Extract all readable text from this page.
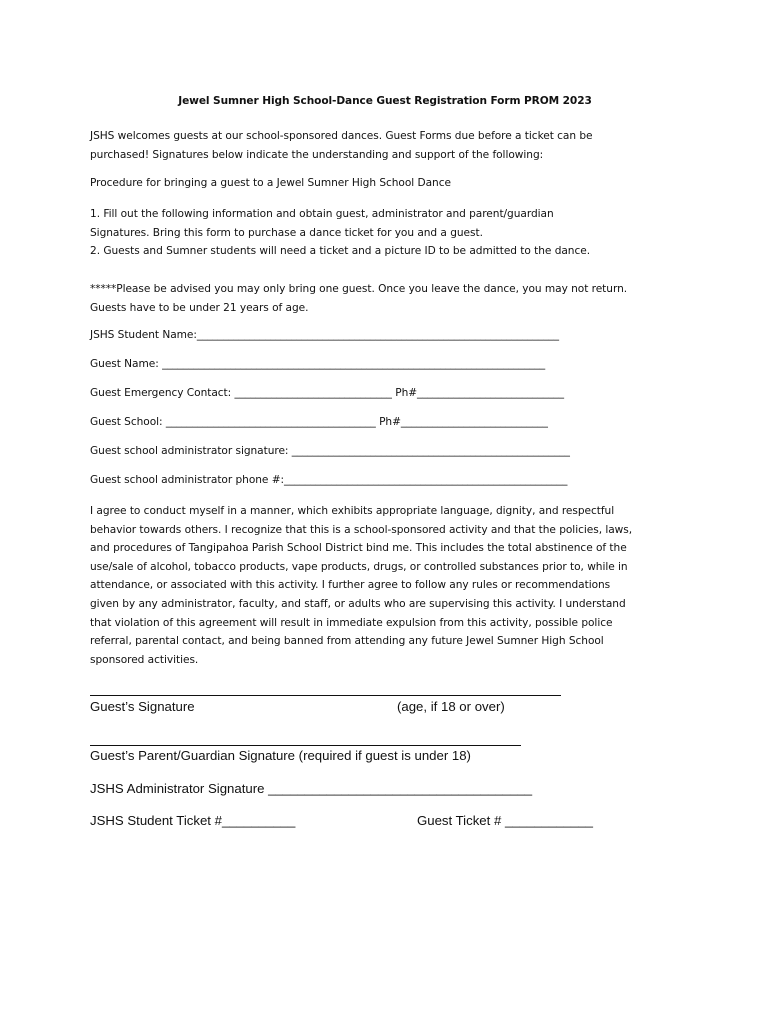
Jewel Sumner High School-Dance Guest Registration Form PROM 2023
JSHS welcomes guests at our school-sponsored dances. Guest Forms due before a ticket can be
purchased! Signatures below indicate the understanding and support of the following:
Procedure for bringing a guest to a Jewel Sumner High School Dance
1. Fill out the following information and obtain guest, administrator and parent/guardian
Signatures. Bring this form to purchase a dance ticket for you and a guest.
2. Guests and Sumner students will need a ticket and a picture ID to be admitted to the dance.
*****Please be advised you may only bring one guest. Once you leave the dance, you may not return.
Guests have to be under 21 years of age.
JSHS Student Name:_____________________________________________________________________
Guest Name: _________________________________________________________________________
Guest Emergency Contact: ______________________________ Ph#____________________________
Guest School: ________________________________________ Ph#____________________________
Guest school administrator signature: _____________________________________________________
Guest school administrator phone #:______________________________________________________
I agree to conduct myself in a manner, which exhibits appropriate language, dignity, and respectful
behavior towards others. I recognize that this is a school-sponsored activity and that the policies, laws,
and procedures of Tangipahoa Parish School District bind me. This includes the total abstinence of the
use/sale of alcohol, tobacco products, vape products, drugs, or controlled substances prior to, while in
attendance, or associated with this activity. I further agree to follow any rules or recommendations
given by any administrator, faculty, and staff, or adults who are supervising this activity. I understand
that violation of this agreement will result in immediate expulsion from this activity, possible police
referral, parental contact, and being banned from attending any future Jewel Sumner High School
sponsored activities.
Guest’s Signature	(age, if 18 or over)
Guest’s Parent/Guardian Signature (required if guest is under 18)
JSHS Administrator Signature ____________________________________
JSHS Student Ticket #__________	Guest Ticket # ____________
